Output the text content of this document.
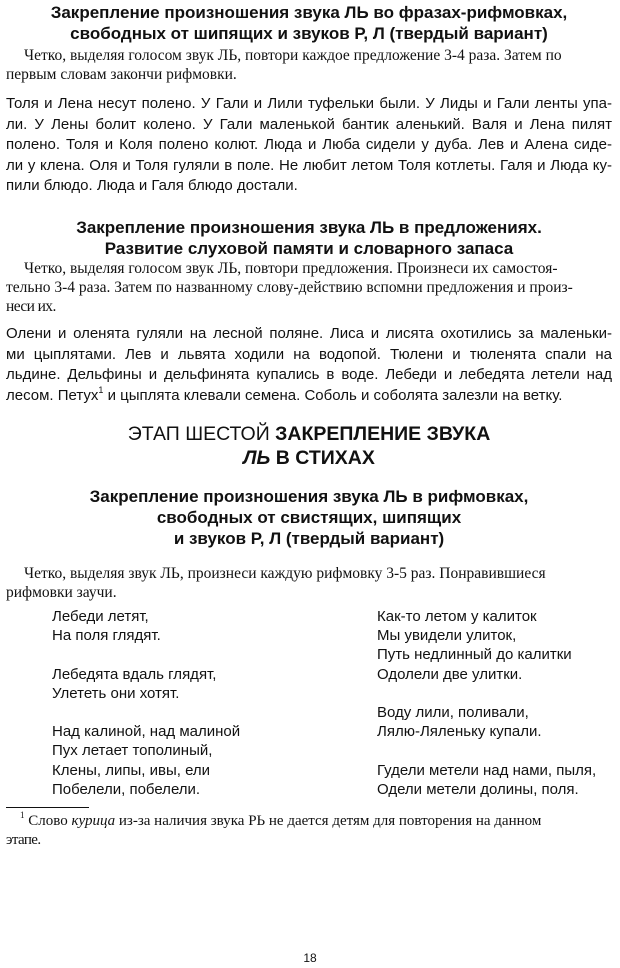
Закрепление произношения звука ЛЬ во фразах-рифмовках,
свободных от шипящих и звуков Р, Л (твердый вариант)
Четко, выделяя голосом звук ЛЬ, повтори каждое предложение 3-4 раза. Затем по
первым словам закончи рифмовки.
Толя и Лена несут полено. У Гали и Лили туфельки были. У Лиды и Гали ленты упа-
ли. У Лены болит колено. У Гали маленькой бантик аленький. Валя и Лена пилят
полено. Толя и Коля полено колют. Люда и Люба сидели у дуба. Лев и Алена сиде-
ли у клена. Оля и Толя гуляли в поле. Не любит летом Толя котлеты. Галя и Люда ку-
пили блюдо. Люда и Галя блюдо достали.
Закрепление произношения звука ЛЬ в предложениях.
Развитие слуховой памяти и словарного запаса
Четко, выделяя голосом звук ЛЬ, повтори предложения. Произнеси их самостоя-
тельно 3-4 раза. Затем по названному слову-действию вспомни предложения и произ-
неси их.
Олени и оленята гуляли на лесной поляне. Лиса и лисята охотились за маленьки-
ми цыплятами. Лев и львята ходили на водопой. Тюлени и тюленята спали на
льдине. Дельфины и дельфинята купались в воде. Лебеди и лебедята летели над
лесом. Петух$^1$ и цыплята клевали семена. Соболь и соболята залезли на ветку.
ЭТАП ШЕСТОЙ ЗАКРЕПЛЕНИЕ ЗВУКА
ЛЬ В СТИХАХ
Закрепление произношения звука ЛЬ в рифмовках,
свободных от свистящих, шипящих
и звуков Р, Л (твердый вариант)
Четко, выделяя звук ЛЬ, произнеси каждую рифмовку 3-5 раз. Понравившиеся
рифмовки заучи.
Лебеди летят,
На поля глядят.
Лебедята вдаль глядят,
Улететь они хотят.
Над калиной, над малиной
Пух летает тополиный,
Клены, липы, ивы, ели
Побелели, побелели.
Как-то летом у калиток
Мы увидели улиток,
Путь недлинный до калитки
Одолели две улитки.
Воду лили, поливали,
Лялю-Ляленьку купали.
Гудели метели над нами, пыля,
Одели метели долины, поля.
$^1$ Слово курица из-за наличия звука РЬ не дается детям для повторения на данном
этапе.
18
